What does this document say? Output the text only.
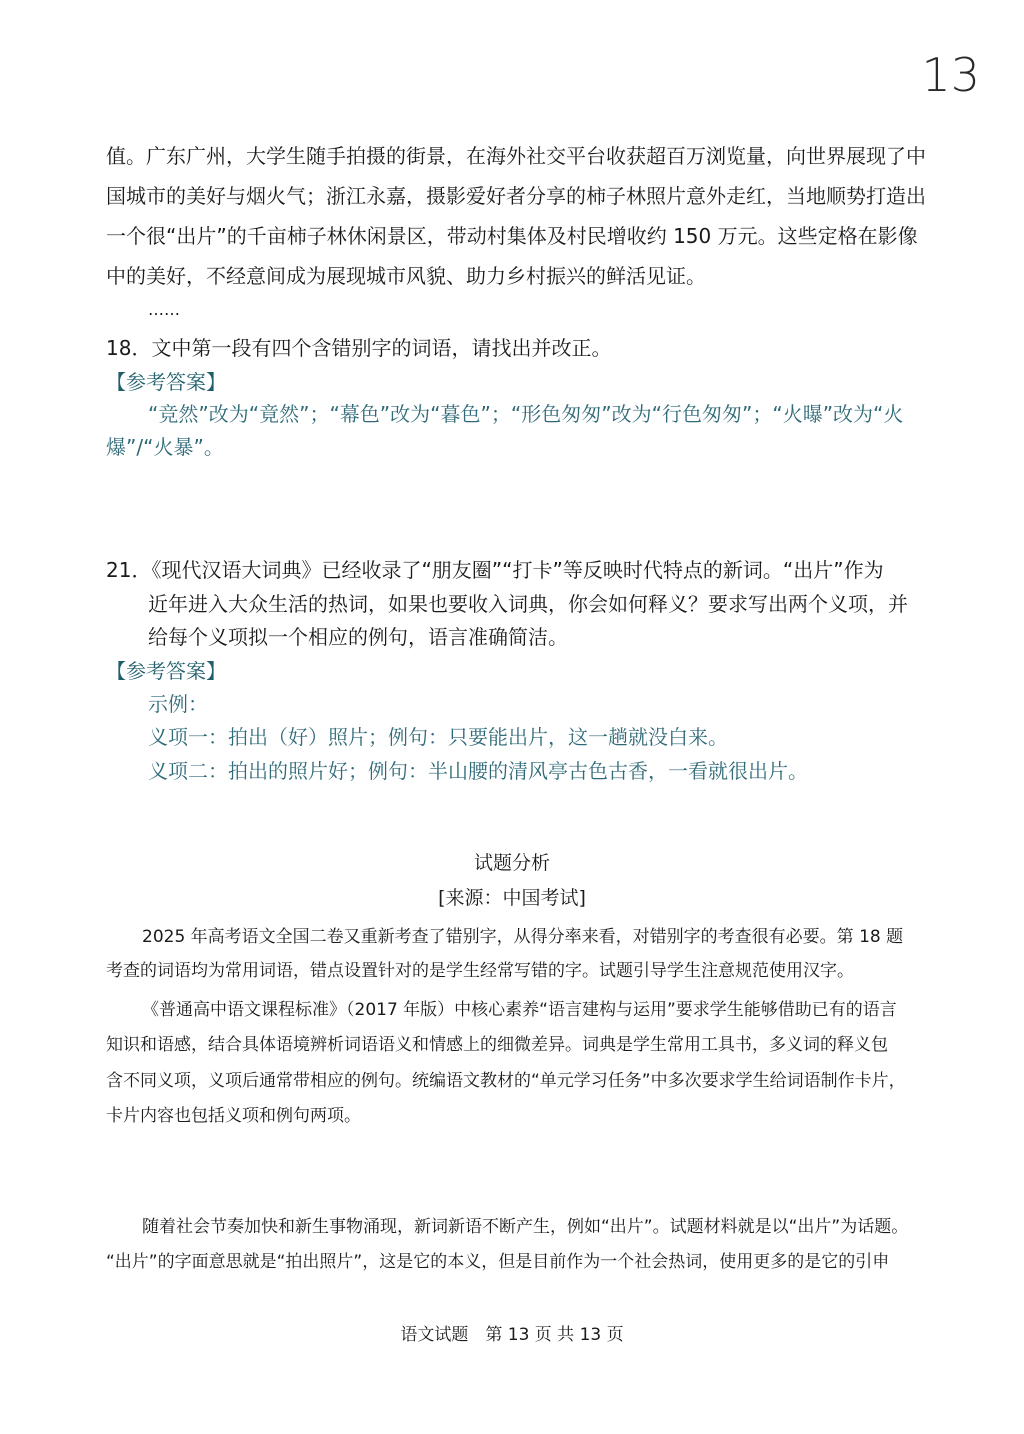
13
值。广东广州，大学生随手拍摄的街景，在海外社交平台收获超百万浏览量，向世界展现了中
国城市的美好与烟火气；浙江永嘉，摄影爱好者分享的柿子林照片意外走红，当地顺势打造出
一个很“出片”的千亩柿子林休闲景区，带动村集体及村民增收约 150 万元。这些定格在影像
中的美好，不经意间成为展现城市风貌、助力乡村振兴的鲜活见证。
……
18．文中第一段有四个含错别字的词语，请找出并改正。
【参考答案】
“竞然”改为“竟然”；“幕色”改为“暮色”；“形色匆匆”改为“行色匆匆”；“火曝”改为“火
爆”/“火暴”。
21．《现代汉语大词典》已经收录了“朋友圈”“打卡”等反映时代特点的新词。“出片”作为
近年进入大众生活的热词，如果也要收入词典，你会如何释义？要求写出两个义项，并
给每个义项拟一个相应的例句，语言准确简洁。
【参考答案】
示例：
义项一：拍出（好）照片；例句：只要能出片，这一趟就没白来。
义项二：拍出的照片好；例句：半山腰的清风亭古色古香，一看就很出片。
试题分析
[来源：中国考试]
2025 年高考语文全国二卷又重新考查了错别字，从得分率来看，对错别字的考查很有必要。第 18 题
考查的词语均为常用词语，错点设置针对的是学生经常写错的字。试题引导学生注意规范使用汉字。
《普通高中语文课程标准》（2017 年版）中核心素养“语言建构与运用”要求学生能够借助已有的语言
知识和语感，结合具体语境辨析词语语义和情感上的细微差异。词典是学生常用工具书，多义词的释义包
含不同义项，义项后通常带相应的例句。统编语文教材的“单元学习任务”中多次要求学生给词语制作卡片，
卡片内容也包括义项和例句两项。
随着社会节奏加快和新生事物涌现，新词新语不断产生，例如“出片”。试题材料就是以“出片”为话题。
“出片”的字面意思就是“拍出照片”，这是它的本义，但是目前作为一个社会热词，使用更多的是它的引申
语文试题　第 13 页 共 13 页
